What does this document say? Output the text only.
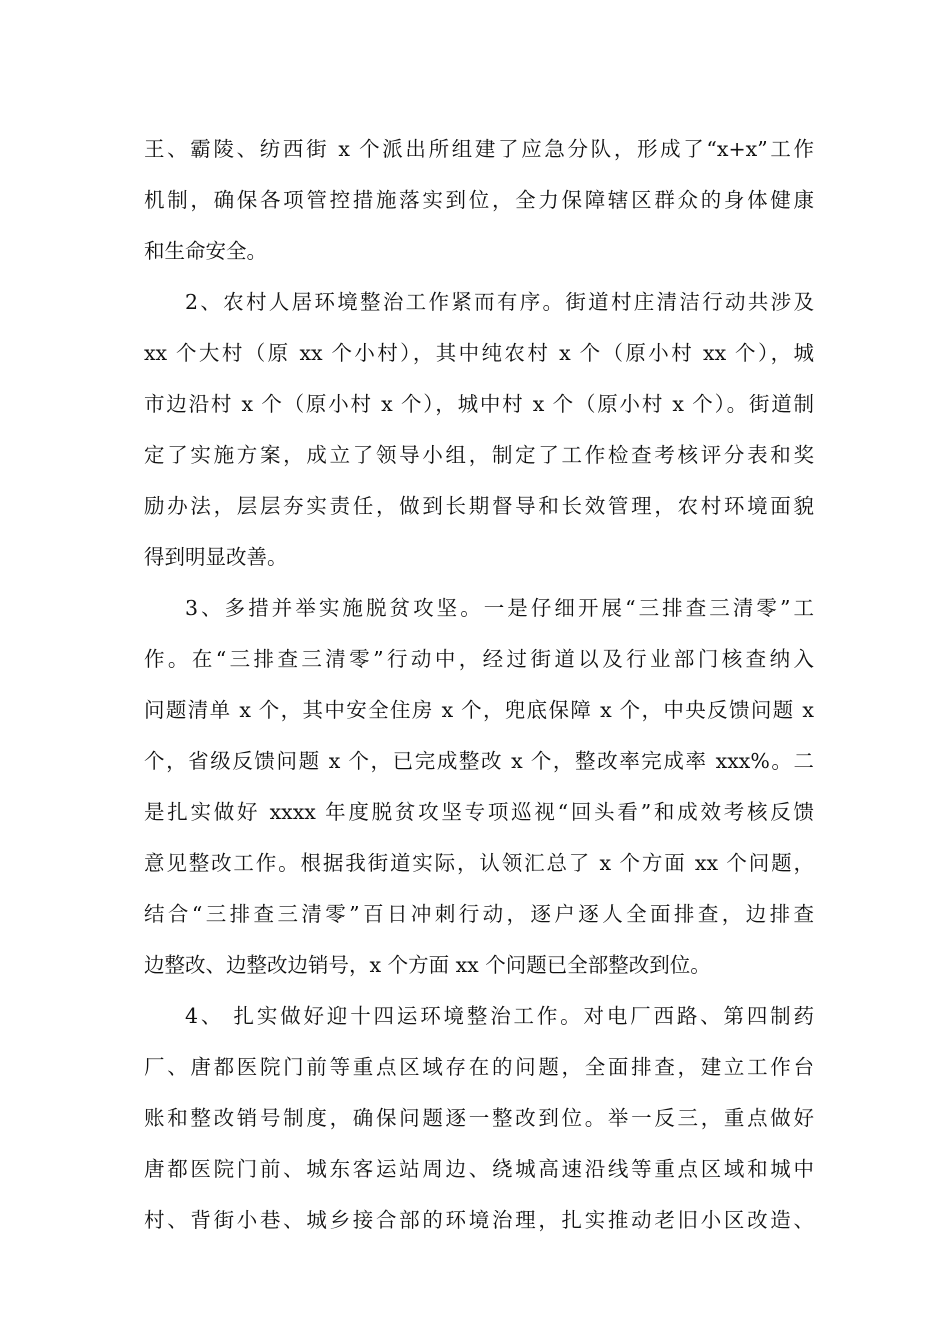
王、霸陵、纺西街 x 个派出所组建了应急分队，形成了“x+x”工作
机制，确保各项管控措施落实到位，全力保障辖区群众的身体健康
和生命安全。
2、农村人居环境整治工作紧而有序。街道村庄清洁行动共涉及
xx 个大村（原 xx 个小村），其中纯农村 x 个（原小村 xx 个），城
市边沿村 x 个（原小村 x 个），城中村 x 个（原小村 x 个）。街道制
定了实施方案，成立了领导小组，制定了工作检查考核评分表和奖
励办法，层层夯实责任，做到长期督导和长效管理，农村环境面貌
得到明显改善。
3、多措并举实施脱贫攻坚。一是仔细开展“三排查三清零”工
作。在“三排查三清零”行动中，经过街道以及行业部门核查纳入
问题清单 x 个，其中安全住房 x 个，兜底保障 x 个，中央反馈问题 x
个，省级反馈问题 x 个，已完成整改 x 个，整改率完成率 xxx%。二
是扎实做好 xxxx 年度脱贫攻坚专项巡视“回头看”和成效考核反馈
意见整改工作。根据我街道实际，认领汇总了 x 个方面 xx 个问题，
结合“三排查三清零”百日冲刺行动，逐户逐人全面排查，边排查
边整改、边整改边销号，x 个方面 xx 个问题已全部整改到位。
4、 扎实做好迎十四运环境整治工作。对电厂西路、第四制药
厂、唐都医院门前等重点区域存在的问题，全面排查，建立工作台
账和整改销号制度，确保问题逐一整改到位。举一反三，重点做好
唐都医院门前、城东客运站周边、绕城高速沿线等重点区域和城中
村、背街小巷、城乡接合部的环境治理，扎实推动老旧小区改造、
